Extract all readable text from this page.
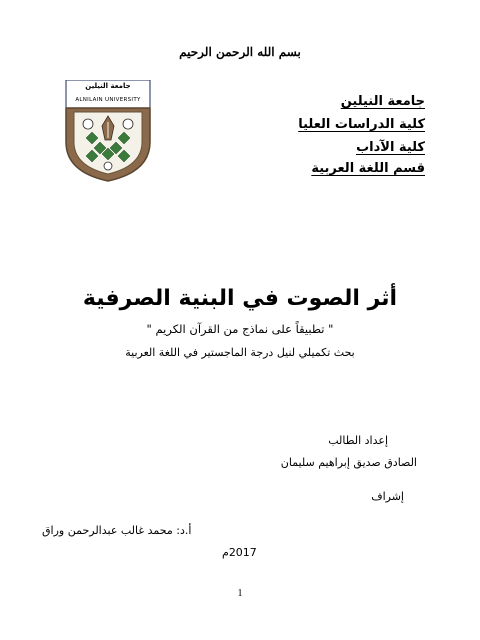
بسم الله الرحمن الرحيم
جامعة النيلين
ALNILAIN UNIVERSITY	جامعة النيلين
كلية الدراسات العليا
كلية الآداب
قسم اللغة العربية
أثر الصوت في البنية الصرفية
" تطبيقاً على نماذج من القرآن الكريم "
بحث تكميلي لنيل درجة الماجستير في اللغة العربية
إعداد الطالب
الصادق صديق إبراهيم سليمان
إشراف
أ.د: محمد غالب عبدالرحمن وراق
2017م
1
